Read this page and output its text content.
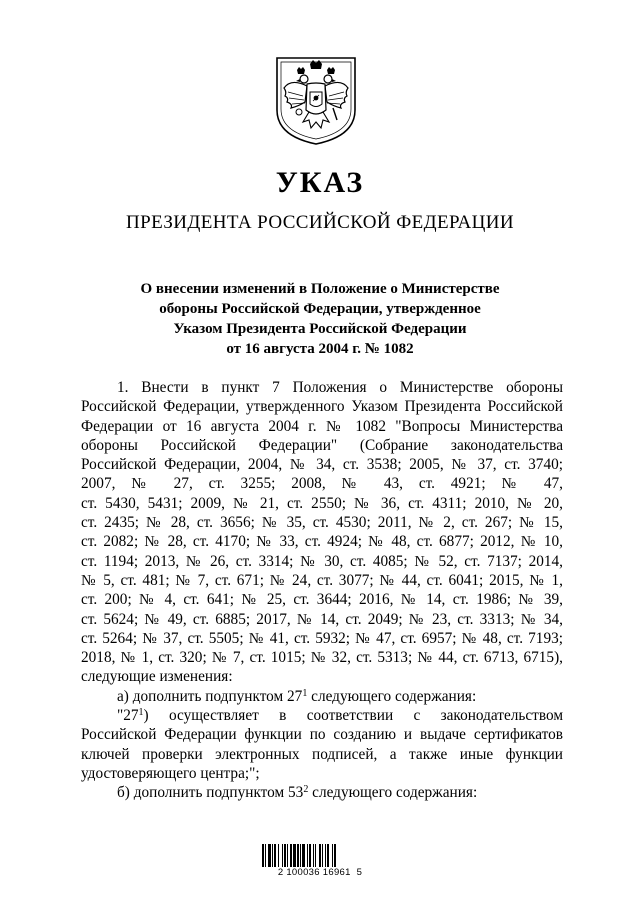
УКАЗ
ПРЕЗИДЕНТА РОССИЙСКОЙ ФЕДЕРАЦИИ
О внесении изменений в Положение о Министерстве
обороны Российской Федерации, утвержденное
Указом Президента Российской Федерации
от 16 августа 2004 г. № 1082
1. Внести в пункт 7 Положения о Министерстве обороны
Российской Федерации, утвержденного Указом Президента Российской
Федерации от 16 августа 2004 г. № 1082 "Вопросы Министерства
обороны Российской Федерации" (Собрание законодательства
Российской Федерации, 2004, № 34, ст. 3538; 2005, № 37, ст. 3740;
2007, № 27, ст. 3255; 2008, № 43, ст. 4921; № 47,
ст. 5430, 5431; 2009, № 21, ст. 2550; № 36, ст. 4311; 2010, № 20,
ст. 2435; № 28, ст. 3656; № 35, ст. 4530; 2011, № 2, ст. 267; № 15,
ст. 2082; № 28, ст. 4170; № 33, ст. 4924; № 48, ст. 6877; 2012, № 10,
ст. 1194; 2013, № 26, ст. 3314; № 30, ст. 4085; № 52, ст. 7137; 2014,
№ 5, ст. 481; № 7, ст. 671; № 24, ст. 3077; № 44, ст. 6041; 2015, № 1,
ст. 200; № 4, ст. 641; № 25, ст. 3644; 2016, № 14, ст. 1986; № 39,
ст. 5624; № 49, ст. 6885; 2017, № 14, ст. 2049; № 23, ст. 3313; № 34,
ст. 5264; № 37, ст. 5505; № 41, ст. 5932; № 47, ст. 6957; № 48, ст. 7193;
2018, № 1, ст. 320; № 7, ст. 1015; № 32, ст. 5313; № 44, ст. 6713, 6715),
следующие изменения:
а) дополнить подпунктом $27^1$ следующего содержания:
"$27^1$) осуществляет в соответствии с законодательством
Российской Федерации функции по созданию и выдаче сертификатов
ключей проверки электронных подписей, а также иные функции
удостоверяющего центра;";
б) дополнить подпунктом $53^2$ следующего содержания:
2 100036 16961  5
